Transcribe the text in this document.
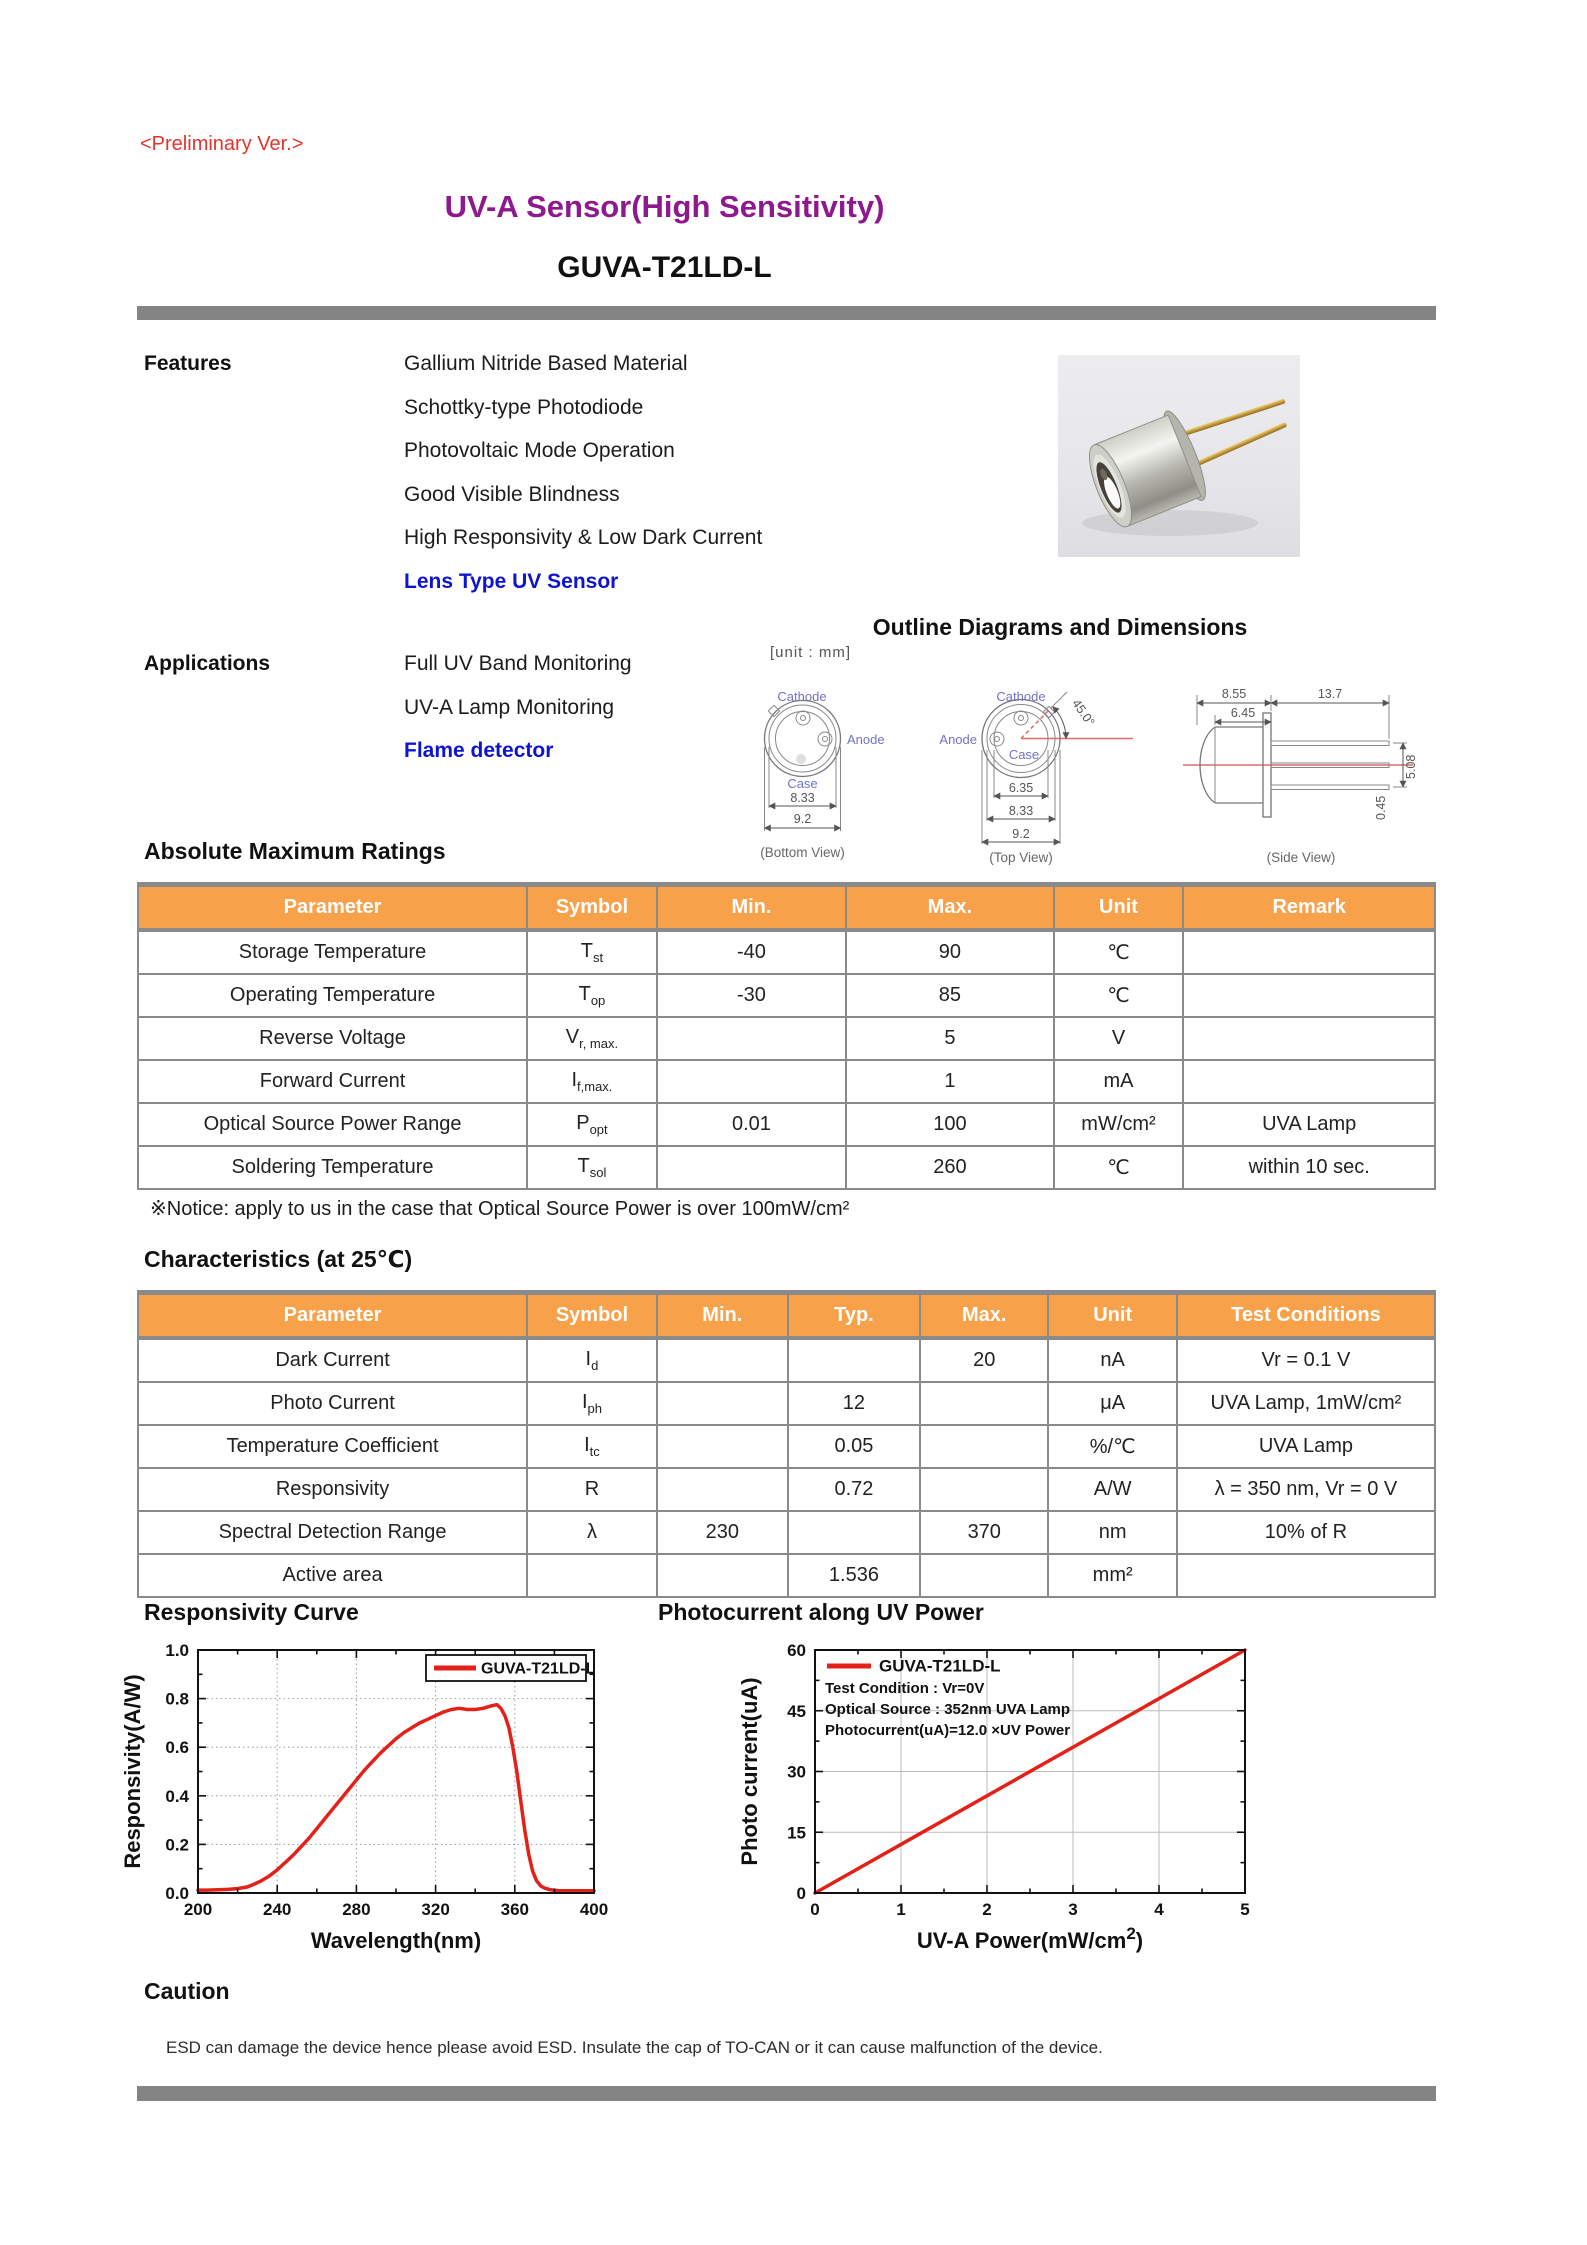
<Preliminary Ver.>
UV-A Sensor(High Sensitivity)
GUVA-T21LD-L
Features	Gallium Nitride Based Material
Schottky-type Photodiode
Photovoltaic Mode Operation
Good Visible Blindness
High Responsivity & Low Dark Current
Lens Type UV Sensor
Outline Diagrams and Dimensions
[unit : mm]
Applications	Full UV Band Monitoring
UV-A Lamp Monitoring
Flame detector
Cathode
Anode
Case
8.33
9.2
(Bottom View)
45.0°
Cathode
Anode
Case
6.35
8.33
9.2
(Top View)
8.55
6.45
13.7
5.08
0.45
(Side View)
Absolute Maximum Ratings
Parameter	Symbol	Min.	Max.	Unit	Remark
Storage Temperature	$T_{st}$	-40	90	℃	
Operating Temperature	$T_{op}$	-30	85	℃	
Reverse Voltage	$V_{r, max.}$		5	V	
Forward Current	$I_{f,max.}$		1	mA	
Optical Source Power Range	$P_{opt}$	0.01	100	mW/cm²	UVA Lamp
Soldering Temperature	$T_{sol}$		260	℃	within 10 sec.
※Notice: apply to us in the case that Optical Source Power is over 100mW/cm²
Characteristics (at 25℃)
Parameter	Symbol	Min.	Typ.	Max.	Unit	Test Conditions
Dark Current	$I_d$			20	nA	Vr = 0.1 V
Photo Current	$I_{ph}$		12		μA	UVA Lamp, 1mW/cm²
Temperature Coefficient	$I_{tc}$		0.05		%/℃	UVA Lamp
Responsivity	R		0.72		A/W	λ = 350 nm, Vr = 0 V
Spectral Detection Range	λ	230		370	nm	10% of R
Active area			1.536		mm²	
Responsivity Curve	Photocurrent along UV Power
200	240	280	320	360	400
0.0
0.2
0.4
0.6
0.8
1.0
Wavelength(nm)
Responsivity(A/W)
GUVA-T21LD-L
0	1	2	3	4	5
0
15
30
45
60
UV-A $Power(mW/cm^2)$
Photo current(uA)
GUVA-T21LD-L
Test Condition : Vr=0V
Optical Source : 352nm UVA Lamp
Photocurrent(uA)=12.0 ×UV Power
Caution
ESD can damage the device hence please avoid ESD. Insulate the cap of TO-CAN or it can cause malfunction of the device.
